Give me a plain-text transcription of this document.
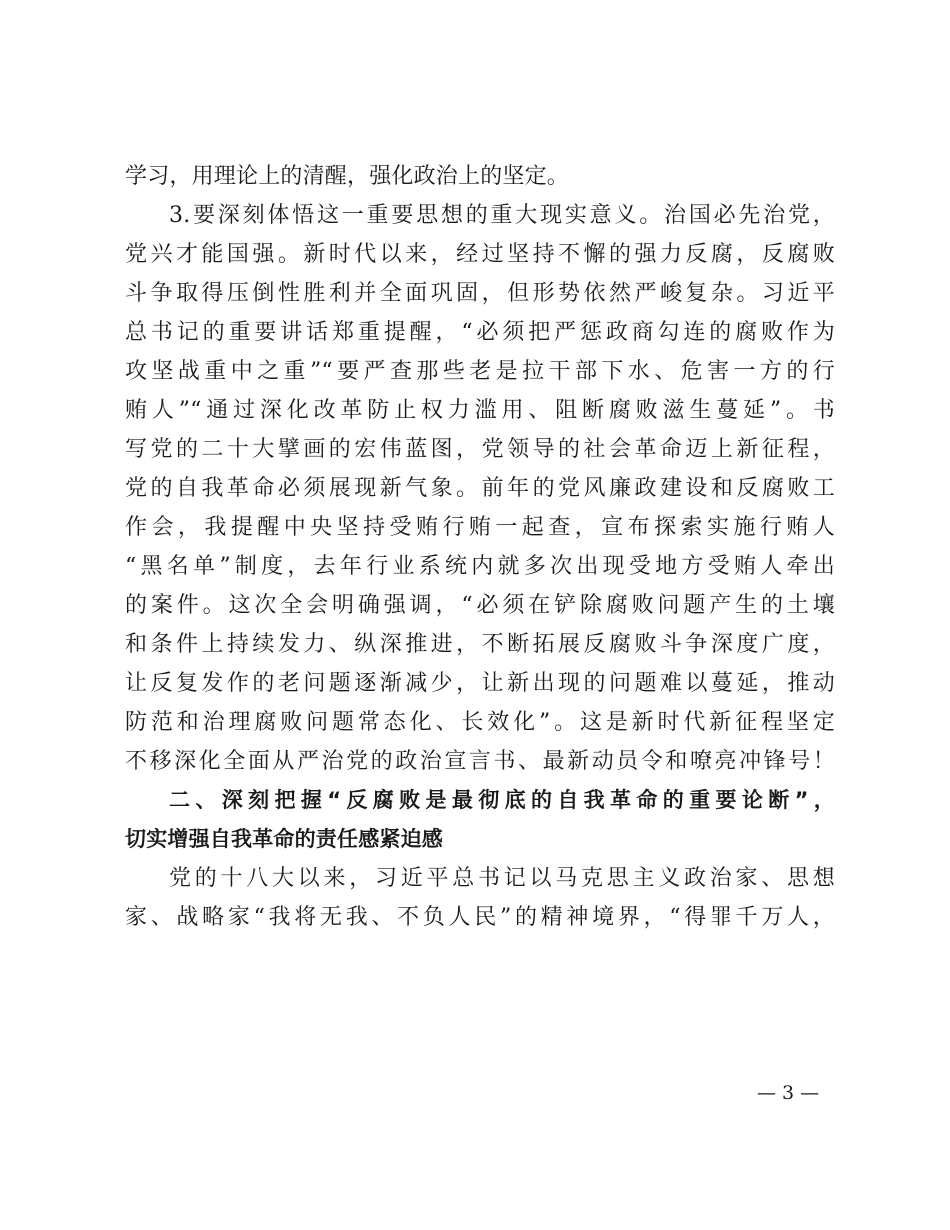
学习，用理论上的清醒，强化政治上的坚定。
3.要深刻体悟这一重要思想的重大现实意义。治国必先治党，
党兴才能国强。新时代以来，经过坚持不懈的强力反腐，反腐败
斗争取得压倒性胜利并全面巩固，但形势依然严峻复杂。习近平
总书记的重要讲话郑重提醒，“必须把严惩政商勾连的腐败作为
攻坚战重中之重”“要严查那些老是拉干部下水、危害一方的行
贿人”“通过深化改革防止权力滥用、阻断腐败滋生蔓延”。书
写党的二十大擘画的宏伟蓝图，党领导的社会革命迈上新征程，
党的自我革命必须展现新气象。前年的党风廉政建设和反腐败工
作会，我提醒中央坚持受贿行贿一起查，宣布探索实施行贿人
“黑名单”制度，去年行业系统内就多次出现受地方受贿人牵出
的案件。这次全会明确强调，“必须在铲除腐败问题产生的土壤
和条件上持续发力、纵深推进，不断拓展反腐败斗争深度广度，
让反复发作的老问题逐渐减少，让新出现的问题难以蔓延，推动
防范和治理腐败问题常态化、长效化”。这是新时代新征程坚定
不移深化全面从严治党的政治宣言书、最新动员令和嘹亮冲锋号！
二、深刻把握“反腐败是最彻底的自我革命的重要论断”，
切实增强自我革命的责任感紧迫感
党的十八大以来，习近平总书记以马克思主义政治家、思想
家、战略家“我将无我、不负人民”的精神境界，“得罪千万人，
— 3 —
